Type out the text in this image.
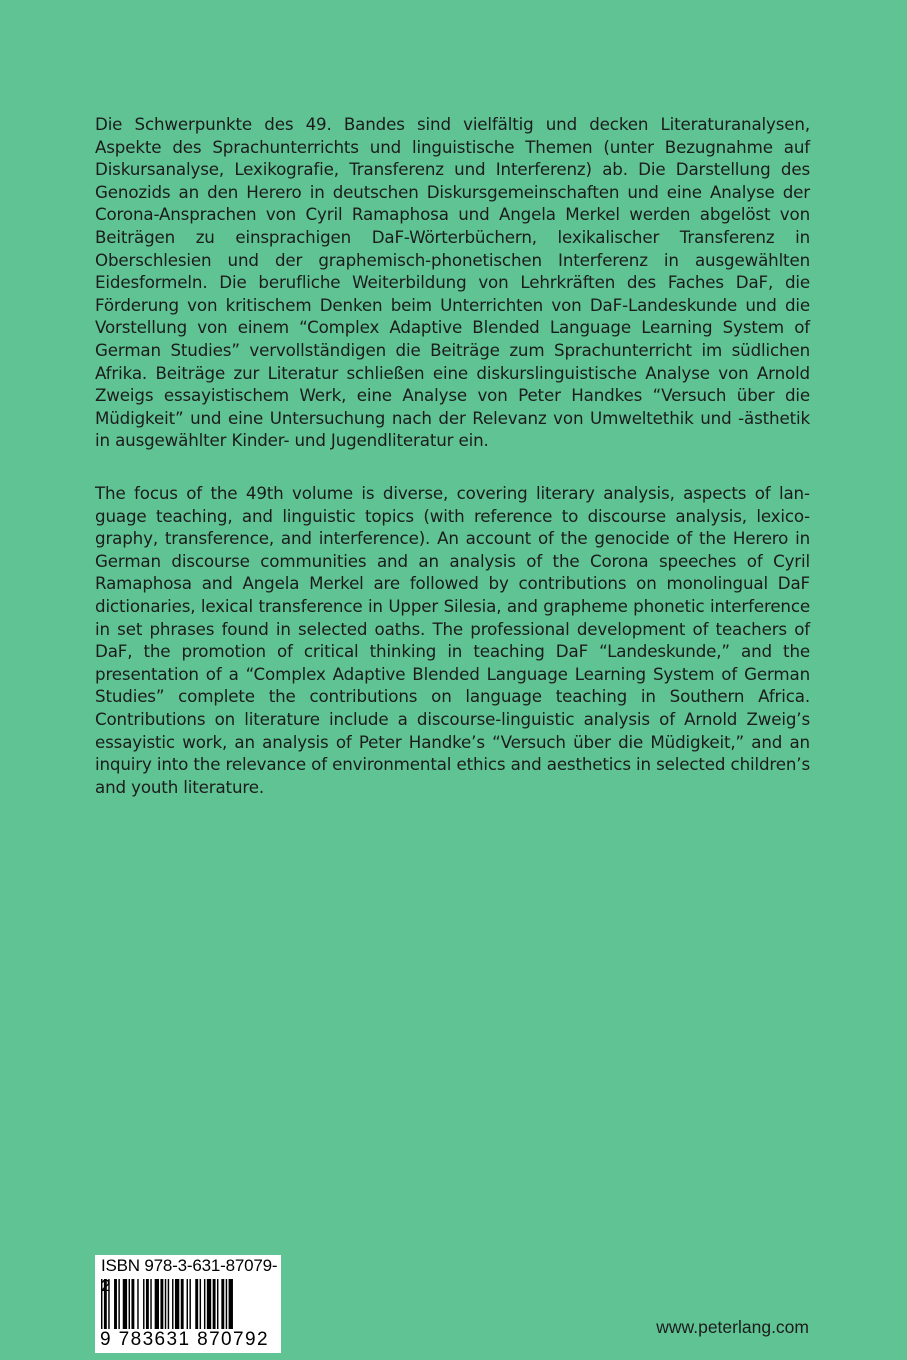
Die Schwerpunkte des 49. Bandes sind vielfältig und decken Literaturanalysen, Aspekte des Sprachunterrichts und linguistische Themen (unter Bezugnahme auf Diskursanalyse, Lexikografie, Transferenz und Interferenz) ab. Die Darstellung des Genozids an den Herero in deutschen Diskursgemeinschaften und eine Analyse der Corona-Ansprachen von Cyril Ramaphosa und Angela Merkel werden abgelöst von Beiträgen zu einsprachigen DaF-Wörterbüchern, lexikalischer Transferenz in Oberschlesien und der graphemisch-phonetischen Interferenz in ausgewählten Eidesformeln. Die berufliche Weiterbildung von Lehrkräften des Faches DaF, die Förderung von kritischem Denken beim Unterrichten von DaF-Landeskunde und die Vorstellung von einem “Complex Adaptive Blended Language Learning System of German Studies” vervollständigen die Beiträge zum Sprachunterricht im südlichen Afrika. Beiträge zur Literatur schließen eine diskurslinguistische Analyse von Arnold Zweigs essayistischem Werk, eine Analyse von Peter Handkes “Versuch über die Müdigkeit” und eine Untersuchung nach der Relevanz von Umweltethik und -ästhetik in ausgewählter Kinder- und Jugendliteratur ein.
The focus of the 49th volume is diverse, covering literary analysis, aspects of language teaching, and linguistic topics (with reference to discourse analysis, lexicography, transference, and interference). An account of the genocide of the Herero in German discourse communities and an analysis of the Corona speeches of Cyril Ramaphosa and Angela Merkel are followed by contributions on monolingual DaF dictionaries, lexical transference in Upper Silesia, and grapheme phonetic interference in set phrases found in selected oaths. The professional development of teachers of DaF, the promotion of critical thinking in teaching DaF “Landeskunde,” and the presentation of a “Complex Adaptive Blended Language Learning System of German Studies” complete the contributions on language teaching in Southern Africa. Contributions on literature include a discourse-linguistic analysis of Arnold Zweig’s essayistic work, an analysis of Peter Handke’s “Versuch über die Müdigkeit,” and an inquiry into the relevance of environmental ethics and aesthetics in selected children’s and youth literature.
ISBN 978-3-631-87079-
9 783631 870792
www.peterlang.com
